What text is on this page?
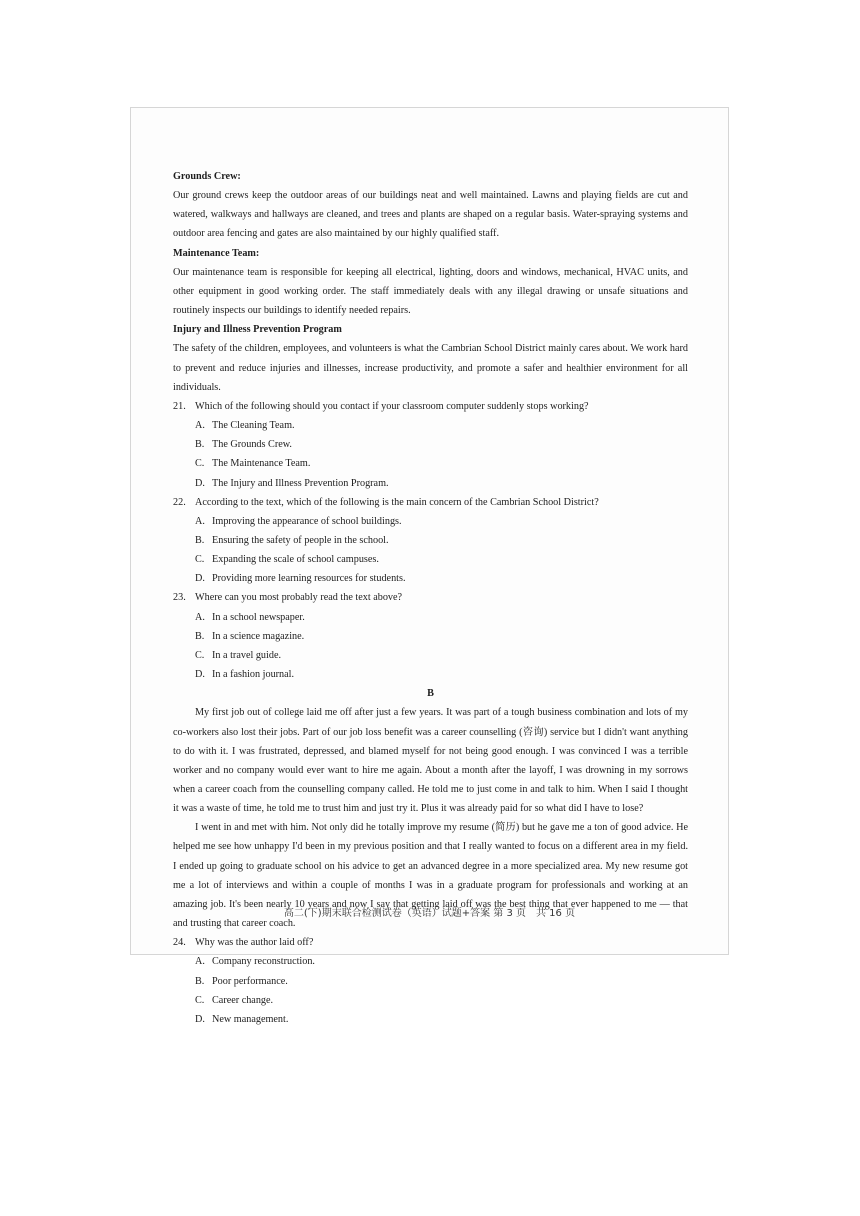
Grounds Crew:

Our ground crews keep the outdoor areas of our buildings neat and well maintained. Lawns and playing fields are cut and watered, walkways and hallways are cleaned, and trees and plants are shaped on a regular basis. Water-spraying systems and outdoor area fencing and gates are also maintained by our highly qualified staff.

Maintenance Team:

Our maintenance team is responsible for keeping all electrical, lighting, doors and windows, mechanical, HVAC units, and other equipment in good working order. The staff immediately deals with any illegal drawing or unsafe situations and routinely inspects our buildings to identify needed repairs.

Injury and Illness Prevention Program

The safety of the children, employees, and volunteers is what the Cambrian School District mainly cares about. We work hard to prevent and reduce injuries and illnesses, increase productivity, and promote a safer and healthier environment for all individuals.

21. Which of the following should you contact if your classroom computer suddenly stops working?

A. The Cleaning Team.

B. The Grounds Crew.

C. The Maintenance Team.

D. The Injury and Illness Prevention Program.

22. According to the text, which of the following is the main concern of the Cambrian School District?

A. Improving the appearance of school buildings.

B. Ensuring the safety of people in the school.

C. Expanding the scale of school campuses.

D. Providing more learning resources for students.

23. Where can you most probably read the text above?

A. In a school newspaper.

B. In a science magazine.

C. In a travel guide.

D. In a fashion journal.

B

My first job out of college laid me off after just a few years. It was part of a tough business combination and lots of my co-workers also lost their jobs. Part of our job loss benefit was a career counselling (咨询) service but I didn't want anything to do with it. I was frustrated, depressed, and blamed myself for not being good enough. I was convinced I was a terrible worker and no company would ever want to hire me again. About a month after the layoff, I was drowning in my sorrows when a career coach from the counselling company called. He told me to just come in and talk to him. When I said I thought it was a waste of time, he told me to trust him and just try it. Plus it was already paid for so what did I have to lose?

I went in and met with him. Not only did he totally improve my resume (简历) but he gave me a ton of good advice. He helped me see how unhappy I'd been in my previous position and that I really wanted to focus on a different area in my field. I ended up going to graduate school on his advice to get an advanced degree in a more specialized area. My new resume got me a lot of interviews and within a couple of months I was in a graduate program for professionals and working at an amazing job. It's been nearly 10 years and now I say that getting laid off was the best thing that ever happened to me — that and trusting that career coach.

24. Why was the author laid off?

A. Company reconstruction.

B. Poor performance.

C. Career change.

D. New management.

高二(下)期末联合检测试卷（英语）试题+答案 第 3 页　共 16 页
